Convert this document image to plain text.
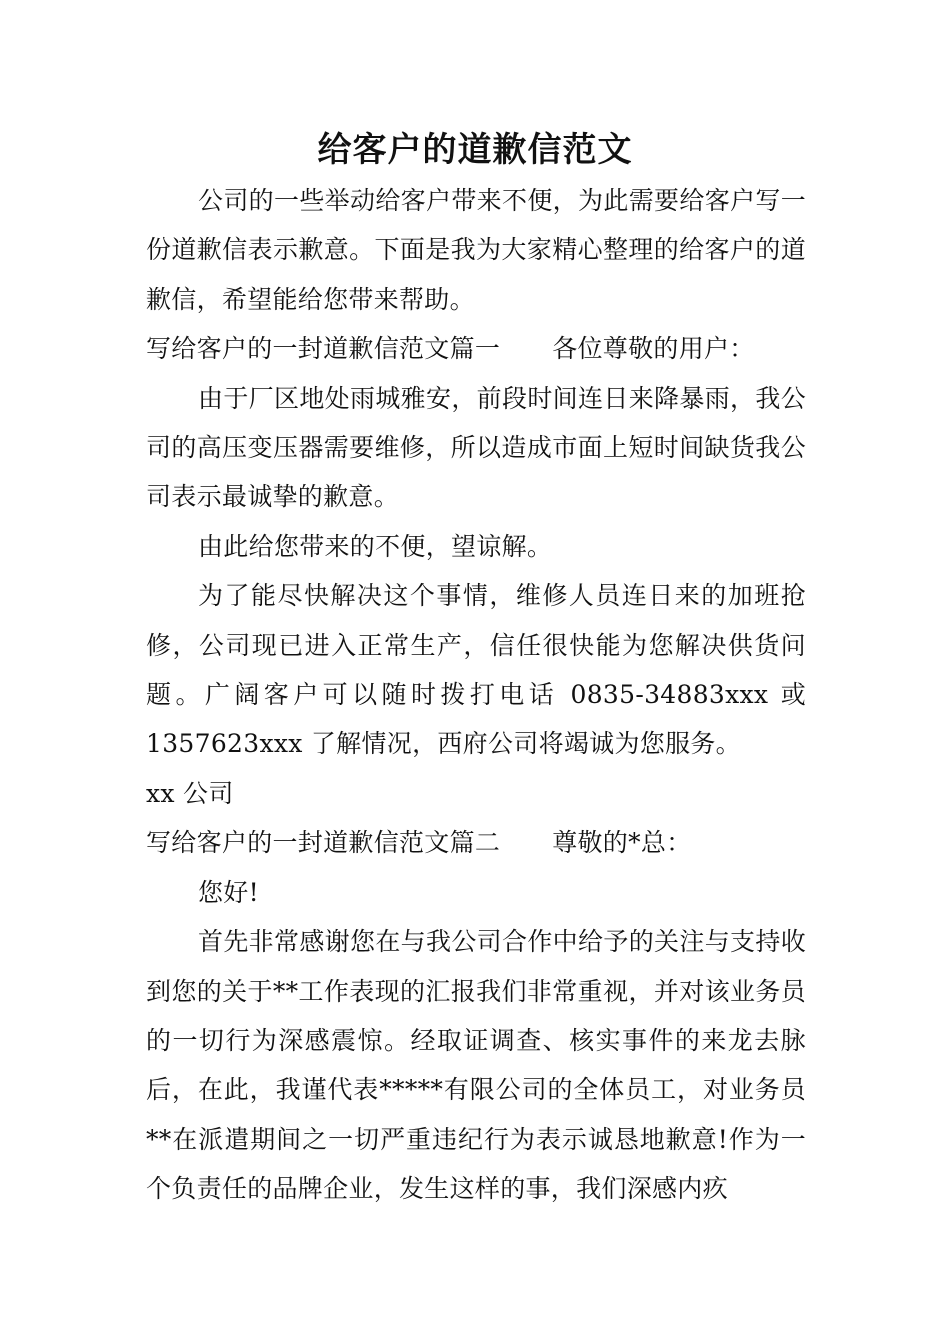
给客户的道歉信范文

公司的一些举动给客户带来不便，为此需要给客户写一份道歉信表示歉意。下面是我为大家精心整理的给客户的道歉信，希望能给您带来帮助。

写给客户的一封道歉信范文篇一 各位尊敬的用户：

由于厂区地处雨城雅安，前段时间连日来降暴雨，我公司的高压变压器需要维修，所以造成市面上短时间缺货我公司表示最诚挚的歉意。

由此给您带来的不便，望谅解。

为了能尽快解决这个事情，维修人员连日来的加班抢修，公司现已进入正常生产，信任很快能为您解决供货问题。广阔客户可以随时拨打电话 0835-34883xxx 或 1357623xxx 了解情况，西府公司将竭诚为您服务。

xx 公司

写给客户的一封道歉信范文篇二 尊敬的*总：

您好!

首先非常感谢您在与我公司合作中给予的关注与支持收到您的关于**工作表现的汇报我们非常重视，并对该业务员的一切行为深感震惊。经取证调查、核实事件的来龙去脉后，在此，我谨代表*****有限公司的全体员工，对业务员**在派遣期间之一切严重违纪行为表示诚恳地歉意!作为一个负责任的品牌企业，发生这样的事，我们深感内疚
